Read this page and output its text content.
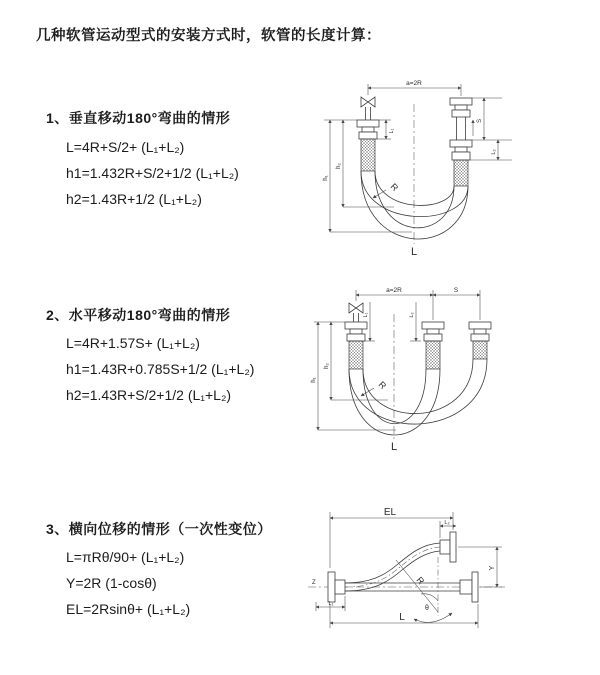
几种软管运动型式的安装方式时，软管的长度计算：
1、垂直移动180°弯曲的情形
L=4R+S/2+ (L₁+L₂)
h1=1.432R+S/2+1/2 (L₁+L₂)
h2=1.43R+1/2 (L₁+L₂)
a=2R
h₁
h₂
S
L₂
L₁
R
L
2、水平移动180°弯曲的情形
L=4R+1.57S+ (L₁+L₂)
h1=1.43R+0.785S+1/2 (L₁+L₂)
h2=1.43R+S/2+1/2 (L₁+L₂)
a=2R	S
h₁
h₂
L₁	L₂
R
L
3、横向位移的情形（一次性变位）
L=πRθ/90+ (L₁+L₂)
Y=2R (1-cosθ)
EL=2Rsinθ+ (L₁+L₂)
Z
EL
L₂
Y
L
L₁
R
θ
